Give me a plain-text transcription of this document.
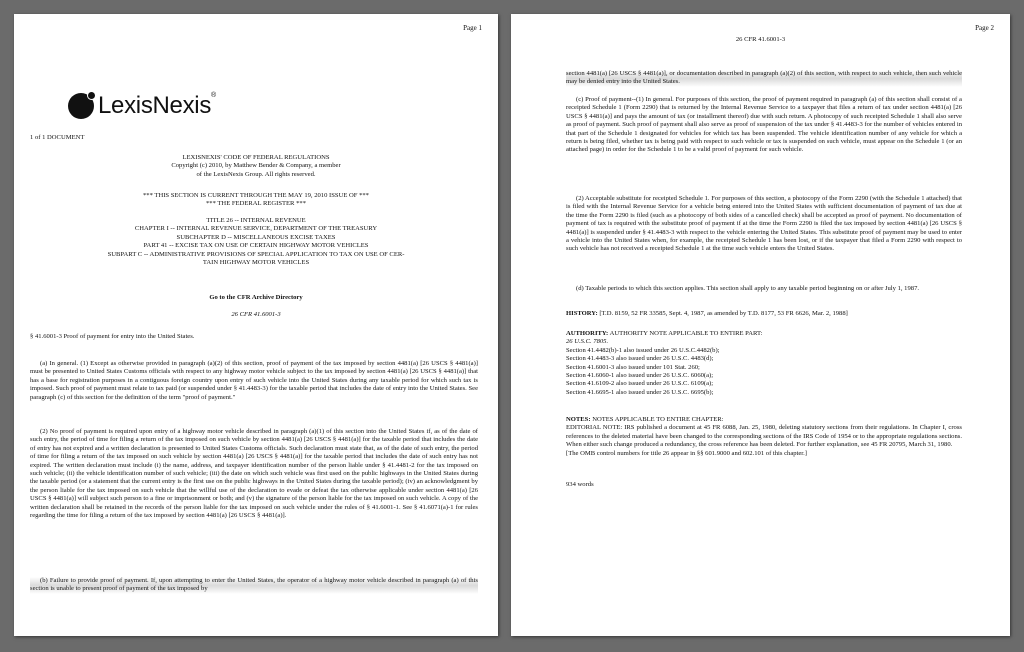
Page 1
LexisNexis®
1 of 1 DOCUMENT
LEXISNEXIS' CODE OF FEDERAL REGULATIONS
Copyright (c) 2010, by Matthew Bender & Company, a member
of the LexisNexis Group. All rights reserved.
*** THIS SECTION IS CURRENT THROUGH THE MAY 19, 2010 ISSUE OF ***
*** THE FEDERAL REGISTER ***
TITLE 26 -- INTERNAL REVENUE
CHAPTER I -- INTERNAL REVENUE SERVICE, DEPARTMENT OF THE TREASURY
SUBCHAPTER D -- MISCELLANEOUS EXCISE TAXES
PART 41 -- EXCISE TAX ON USE OF CERTAIN HIGHWAY MOTOR VEHICLES
SUBPART C -- ADMINISTRATIVE PROVISIONS OF SPECIAL APPLICATION TO TAX ON USE OF CER-
TAIN HIGHWAY MOTOR VEHICLES
Go to the CFR Archive Directory
26 CFR 41.6001-3
§ 41.6001-3 Proof of payment for entry into the United States.
(a) In general. (1) Except as otherwise provided in paragraph (a)(2) of this section, proof of payment of the tax imposed by section 4481(a) [26 USCS § 4481(a)] must be presented to United States Customs officials with respect to any highway motor vehicle subject to the tax imposed by section 4481(a) [26 USCS § 4481(a)] that has a base for registration purposes in a contiguous foreign country upon entry of such vehicle into the United States during any taxable period for which such tax is imposed. Such proof of payment must relate to tax paid (or suspended under § 41.4483-3) for the taxable period that includes the date of entry into the United States. See paragraph (c) of this section for the definition of the term "proof of payment."
(2) No proof of payment is required upon entry of a highway motor vehicle described in paragraph (a)(1) of this section into the United States if, as of the date of such entry, the period of time for filing a return of the tax imposed on such vehicle by section 4481(a) [26 USCS § 4481(a)] for the taxable period that includes the date of entry has not expired and a written declaration is presented to United States Customs officials. Such declaration must state that, as of the date of such entry, the period of time for filing a return of the tax imposed on such vehicle by section 4481(a) [26 USCS § 4481(a)] for the taxable period that includes the date of such entry has not expired. The written declaration must include (i) the name, address, and taxpayer identification number of the person liable under § 41.4481-2 for the tax imposed on such vehicle; (ii) the vehicle identification number of such vehicle; (iii) the date on which such vehicle was first used on the public highways in the United States during the taxable period (or a statement that the current entry is the first use on the public highways in the United States during the taxable period); (iv) an acknowledgment by the person liable for the tax imposed on such vehicle that the willful use of the declaration to evade or defeat the tax otherwise applicable under section 4481(a) [26 USCS § 4481(a)] will subject such person to a fine or imprisonment or both; and (v) the signature of the person liable for the tax imposed on such vehicle. A copy of the written declaration shall be retained in the records of the person liable for the tax imposed on such vehicle under the rules of § 41.6001-1. See § 41.6071(a)-1 for rules regarding the time for filing a return of the tax imposed by section 4481(a) [26 USCS § 4481(a)].
(b) Failure to provide proof of payment. If, upon attempting to enter the United States, the operator of a highway motor vehicle described in paragraph (a) of this section is unable to present proof of payment of the tax imposed by
Page 2
26 CFR 41.6001-3
section 4481(a) [26 USCS § 4481(a)], or documentation described in paragraph (a)(2) of this section, with respect to such vehicle, then such vehicle may be denied entry into the United States.
(c) Proof of payment--(1) In general. For purposes of this section, the proof of payment required in paragraph (a) of this section shall consist of a receipted Schedule 1 (Form 2290) that is returned by the Internal Revenue Service to a taxpayer that files a return of tax under section 4481(a) [26 USCS § 4481(a)] and pays the amount of tax (or installment thereof) due with such return. A photocopy of such receipted Schedule 1 shall also serve as proof of payment. Such proof of payment shall also serve as proof of suspension of the tax under § 41.4483-3 for the number of vehicles entered in that part of the Schedule 1 designated for vehicles for which tax has been suspended. The vehicle identification number of any vehicle for which a return is being filed, whether tax is being paid with respect to such vehicle or tax is suspended on such vehicle, must appear on the Schedule 1 (or an attached page) in order for the Schedule 1 to be a valid proof of payment for such vehicle.
(2) Acceptable substitute for receipted Schedule 1. For purposes of this section, a photocopy of the Form 2290 (with the Schedule 1 attached) that is filed with the Internal Revenue Service for a vehicle being entered into the United States with sufficient documentation of payment of tax due at the time the Form 2290 is filed (such as a photocopy of both sides of a cancelled check) shall be accepted as proof of payment. No documentation of payment of tax is required with the substitute proof of payment if at the time the Form 2290 is filed the tax imposed by section 4481(a) [26 USCS § 4481(a)] is suspended under § 41.4483-3 with respect to the vehicle entering the United States. This substitute proof of payment may be used to enter a vehicle into the United States when, for example, the receipted Schedule 1 has been lost, or if the taxpayer that filed a Form 2290 with respect to such vehicle has not received a receipted Schedule 1 at the time such vehicle enters the United States.
(d) Taxable periods to which this section applies. This section shall apply to any taxable period beginning on or after July 1, 1987.
HISTORY: [T.D. 8159, 52 FR 33585, Sept. 4, 1987, as amended by T.D. 8177, 53 FR 6626, Mar. 2, 1988]
AUTHORITY: AUTHORITY NOTE APPLICABLE TO ENTIRE PART:
26 U.S.C. 7805.
Section 41.4482(b)-1 also issued under 26 U.S.C.4482(b);
Section 41.4483-3 also issued under 26 U.S.C. 4483(d);
Section 41.6001-3 also issued under 101 Stat. 260;
Section 41.6060-1 also issued under 26 U.S.C. 6060(a);
Section 41.6109-2 also issued under 26 U.S.C. 6109(a);
Section 41.6695-1 also issued under 26 U.S.C. 6695(b);
NOTES: NOTES APPLICABLE TO ENTIRE CHAPTER:
EDITORIAL NOTE: IRS published a document at 45 FR 6088, Jan. 25, 1980, deleting statutory sections from their regulations. In Chapter I, cross references to the deleted material have been changed to the corresponding sections of the IRS Code of 1954 or to the appropriate regulations sections. When either such change produced a redundancy, the cross reference has been deleted. For further explanation, see 45 FR 20795, March 31, 1980.
[The OMB control numbers for title 26 appear in §§ 601.9000 and 602.101 of this chapter.]
934 words
